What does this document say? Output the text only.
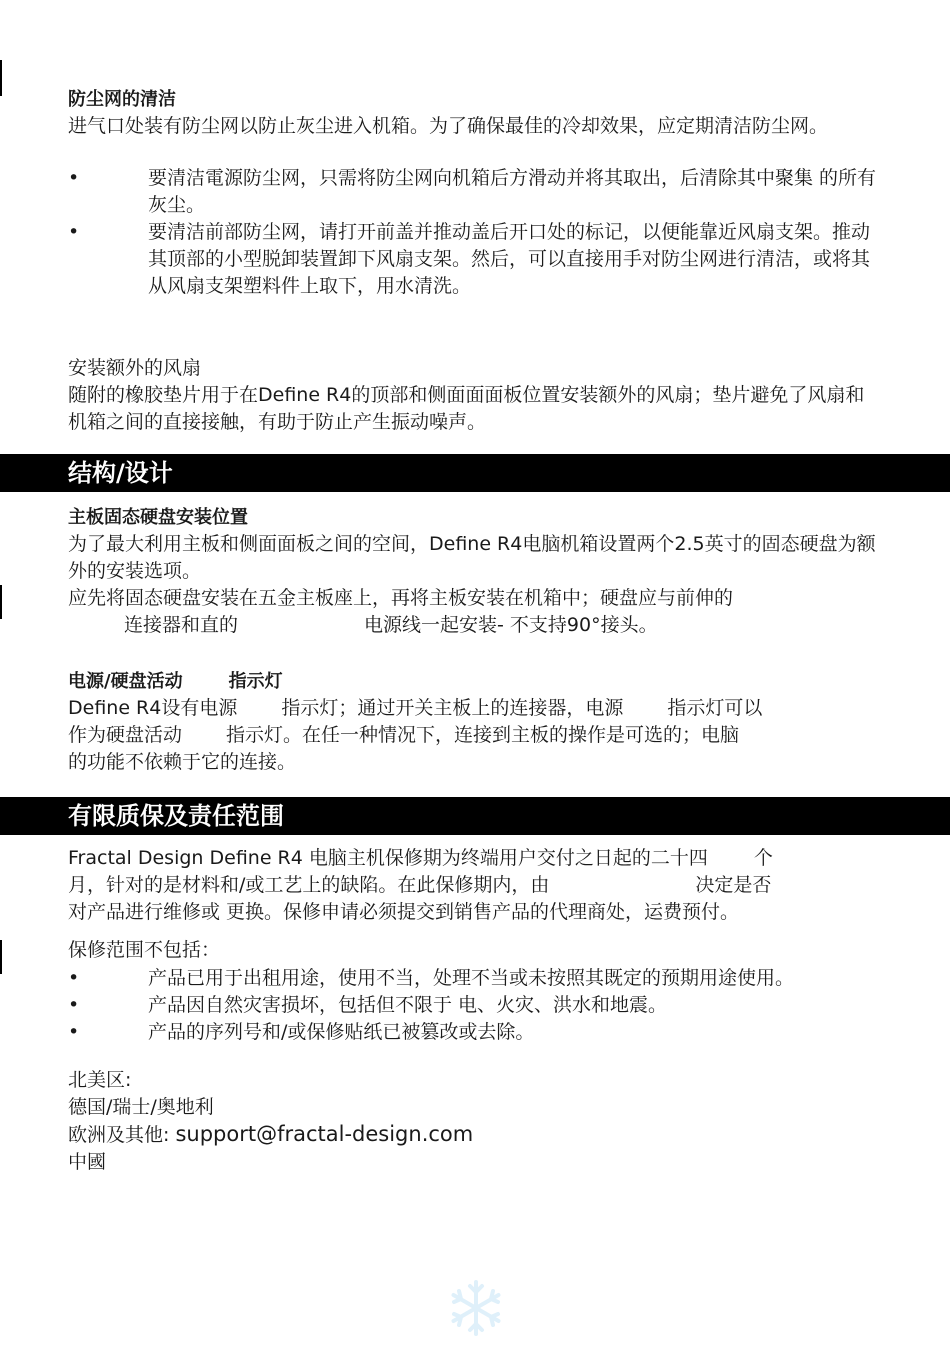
防尘网的清洁

进气口处装有防尘网以防止灰尘进入机箱。为了确保最佳的冷却效果，应定期清洁防尘网。

• 要清洁電源防尘网，只需将防尘网向机箱后方滑动并将其取出，后清除其中聚集 的所有灰尘。
• 要清洁前部防尘网，请打开前盖并推动盖后开口处的标记，以便能靠近风扇支架。推动其顶部的小型脱卸装置卸下风扇支架。然后，可以直接用手对防尘网进行清洁，或将其从风扇支架塑料件上取下，用水清洗。

安装额外的风扇

随附的橡胶垫片用于在Define R4的顶部和侧面面面板位置安装额外的风扇；垫片避免了风扇和机箱之间的直接接触，有助于防止产生振动噪声。

结构/设计

主板固态硬盘安装位置

为了最大利用主板和侧面面板之间的空间，Define R4电脑机箱设置两个2.5英寸的固态硬盘为额外的安装选项。

应先将固态硬盘安装在五金主板座上，再将主板安装在机箱中；硬盘应与前伸的

连接器和直的	电源线一起安装- 不支持90°接头。

电源/硬盘活动	指示灯

Define R4设有电源 指示灯；通过开关主板上的连接器，电源 指示灯可以

作为硬盘活动 指示灯。在任一种情况下，连接到主板的操作是可选的；电脑

的功能不依赖于它的连接。

有限质保及责任范围

Fractal Design Define R4 电脑主机保修期为终端用户交付之日起的二十四 个

月，针对的是材料和/或工艺上的缺陷。在此保修期内，由	决定是否

对产品进行维修或 更换。保修申请必须提交到销售产品的代理商处，运费预付。

保修范围不包括：

• 产品已用于出租用途，使用不当，处理不当或未按照其既定的预期用途使用。
• 产品因自然灾害损坏，包括但不限于 电、火灾、洪水和地震。
• 产品的序列号和/或保修贴纸已被篡改或去除。

北美区:

德国/瑞士/奥地利

欧洲及其他: support@fractal-design.com

中國
